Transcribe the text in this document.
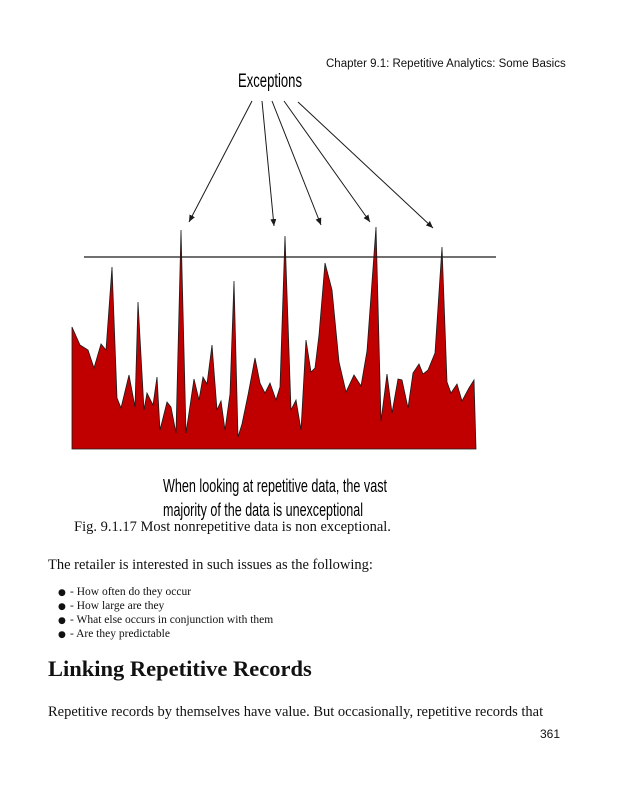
Chapter 9.1: Repetitive Analytics: Some Basics
Exceptions
When looking at repetitive data, the vast
majority of the data is unexceptional
Fig. 9.1.17 Most nonrepetitive data is non exceptional.
The retailer is interested in such issues as the following:
● - How often do they occur
● - How large are they
● - What else occurs in conjunction with them
● - Are they predictable
Linking Repetitive Records
Repetitive records by themselves have value. But occasionally, repetitive records that
361
